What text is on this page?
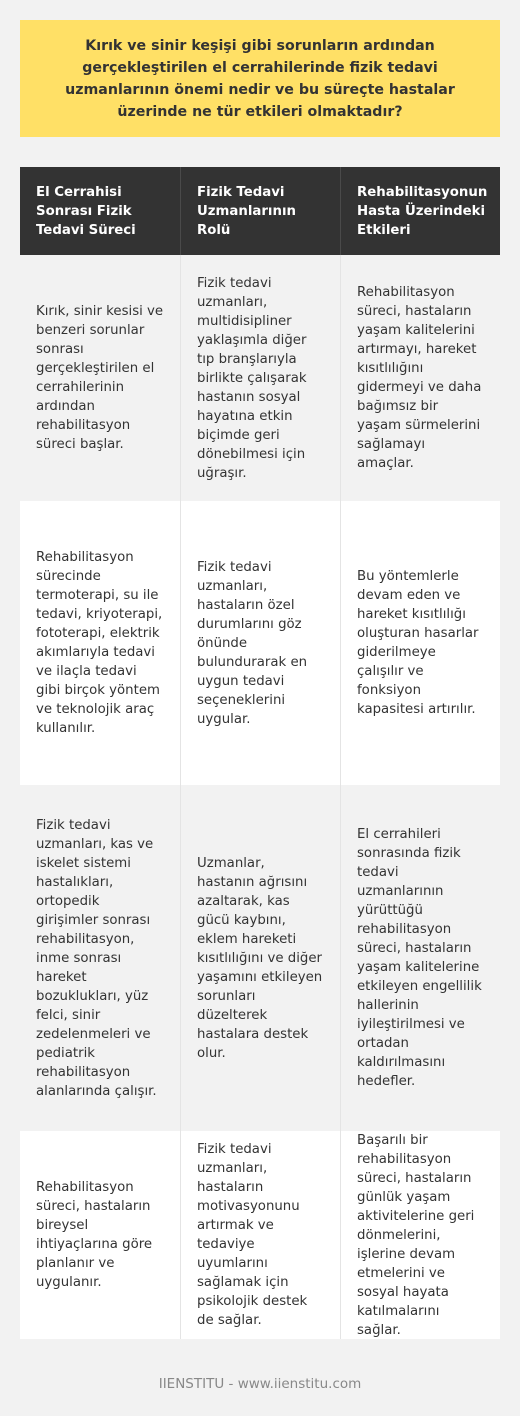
Kırık ve sinir keşişi gibi sorunların ardından gerçekleştirilen el cerrahilerinde fizik tedavi uzmanlarının önemi nedir ve bu süreçte hastalar üzerinde ne tür etkileri olmaktadır?
El Cerrahisi Sonrası Fizik Tedavi Süreci
Fizik Tedavi Uzmanlarının Rolü
Rehabilitasyonun Hasta Üzerindeki Etkileri
Kırık, sinir kesisi ve benzeri sorunlar sonrası gerçekleştirilen el cerrahilerinin ardından rehabilitasyon süreci başlar.
Fizik tedavi uzmanları, multidisipliner yaklaşımla diğer tıp branşlarıyla birlikte çalışarak hastanın sosyal hayatına etkin biçimde geri dönebilmesi için uğraşır.
Rehabilitasyon süreci, hastaların yaşam kalitelerini artırmayı, hareket kısıtlılığını gidermeyi ve daha bağımsız bir yaşam sürmelerini sağlamayı amaçlar.
Rehabilitasyon sürecinde termoterapi, su ile tedavi, kriyoterapi, fototerapi, elektrik akımlarıyla tedavi ve ilaçla tedavi gibi birçok yöntem ve teknolojik araç kullanılır.
Fizik tedavi uzmanları, hastaların özel durumlarını göz önünde bulundurarak en uygun tedavi seçeneklerini uygular.
Bu yöntemlerle devam eden ve hareket kısıtlılığı oluşturan hasarlar giderilmeye çalışılır ve fonksiyon kapasitesi artırılır.
Fizik tedavi uzmanları, kas ve iskelet sistemi hastalıkları, ortopedik girişimler sonrası rehabilitasyon, inme sonrası hareket bozuklukları, yüz felci, sinir zedelenmeleri ve pediatrik rehabilitasyon alanlarında çalışır.
Uzmanlar, hastanın ağrısını azaltarak, kas gücü kaybını, eklem hareketi kısıtlılığını ve diğer yaşamını etkileyen sorunları düzelterek hastalara destek olur.
El cerrahileri sonrasında fizik tedavi uzmanlarının yürüttüğü rehabilitasyon süreci, hastaların yaşam kalitelerine etkileyen engellilik hallerinin iyileştirilmesi ve ortadan kaldırılmasını hedefler.
Rehabilitasyon süreci, hastaların bireysel ihtiyaçlarına göre planlanır ve uygulanır.
Fizik tedavi uzmanları, hastaların motivasyonunu artırmak ve tedaviye uyumlarını sağlamak için psikolojik destek de sağlar.
Başarılı bir rehabilitasyon süreci, hastaların günlük yaşam aktivitelerine geri dönmelerini, işlerine devam etmelerini ve sosyal hayata katılmalarını sağlar.
IIENSTITU - www.iienstitu.com
